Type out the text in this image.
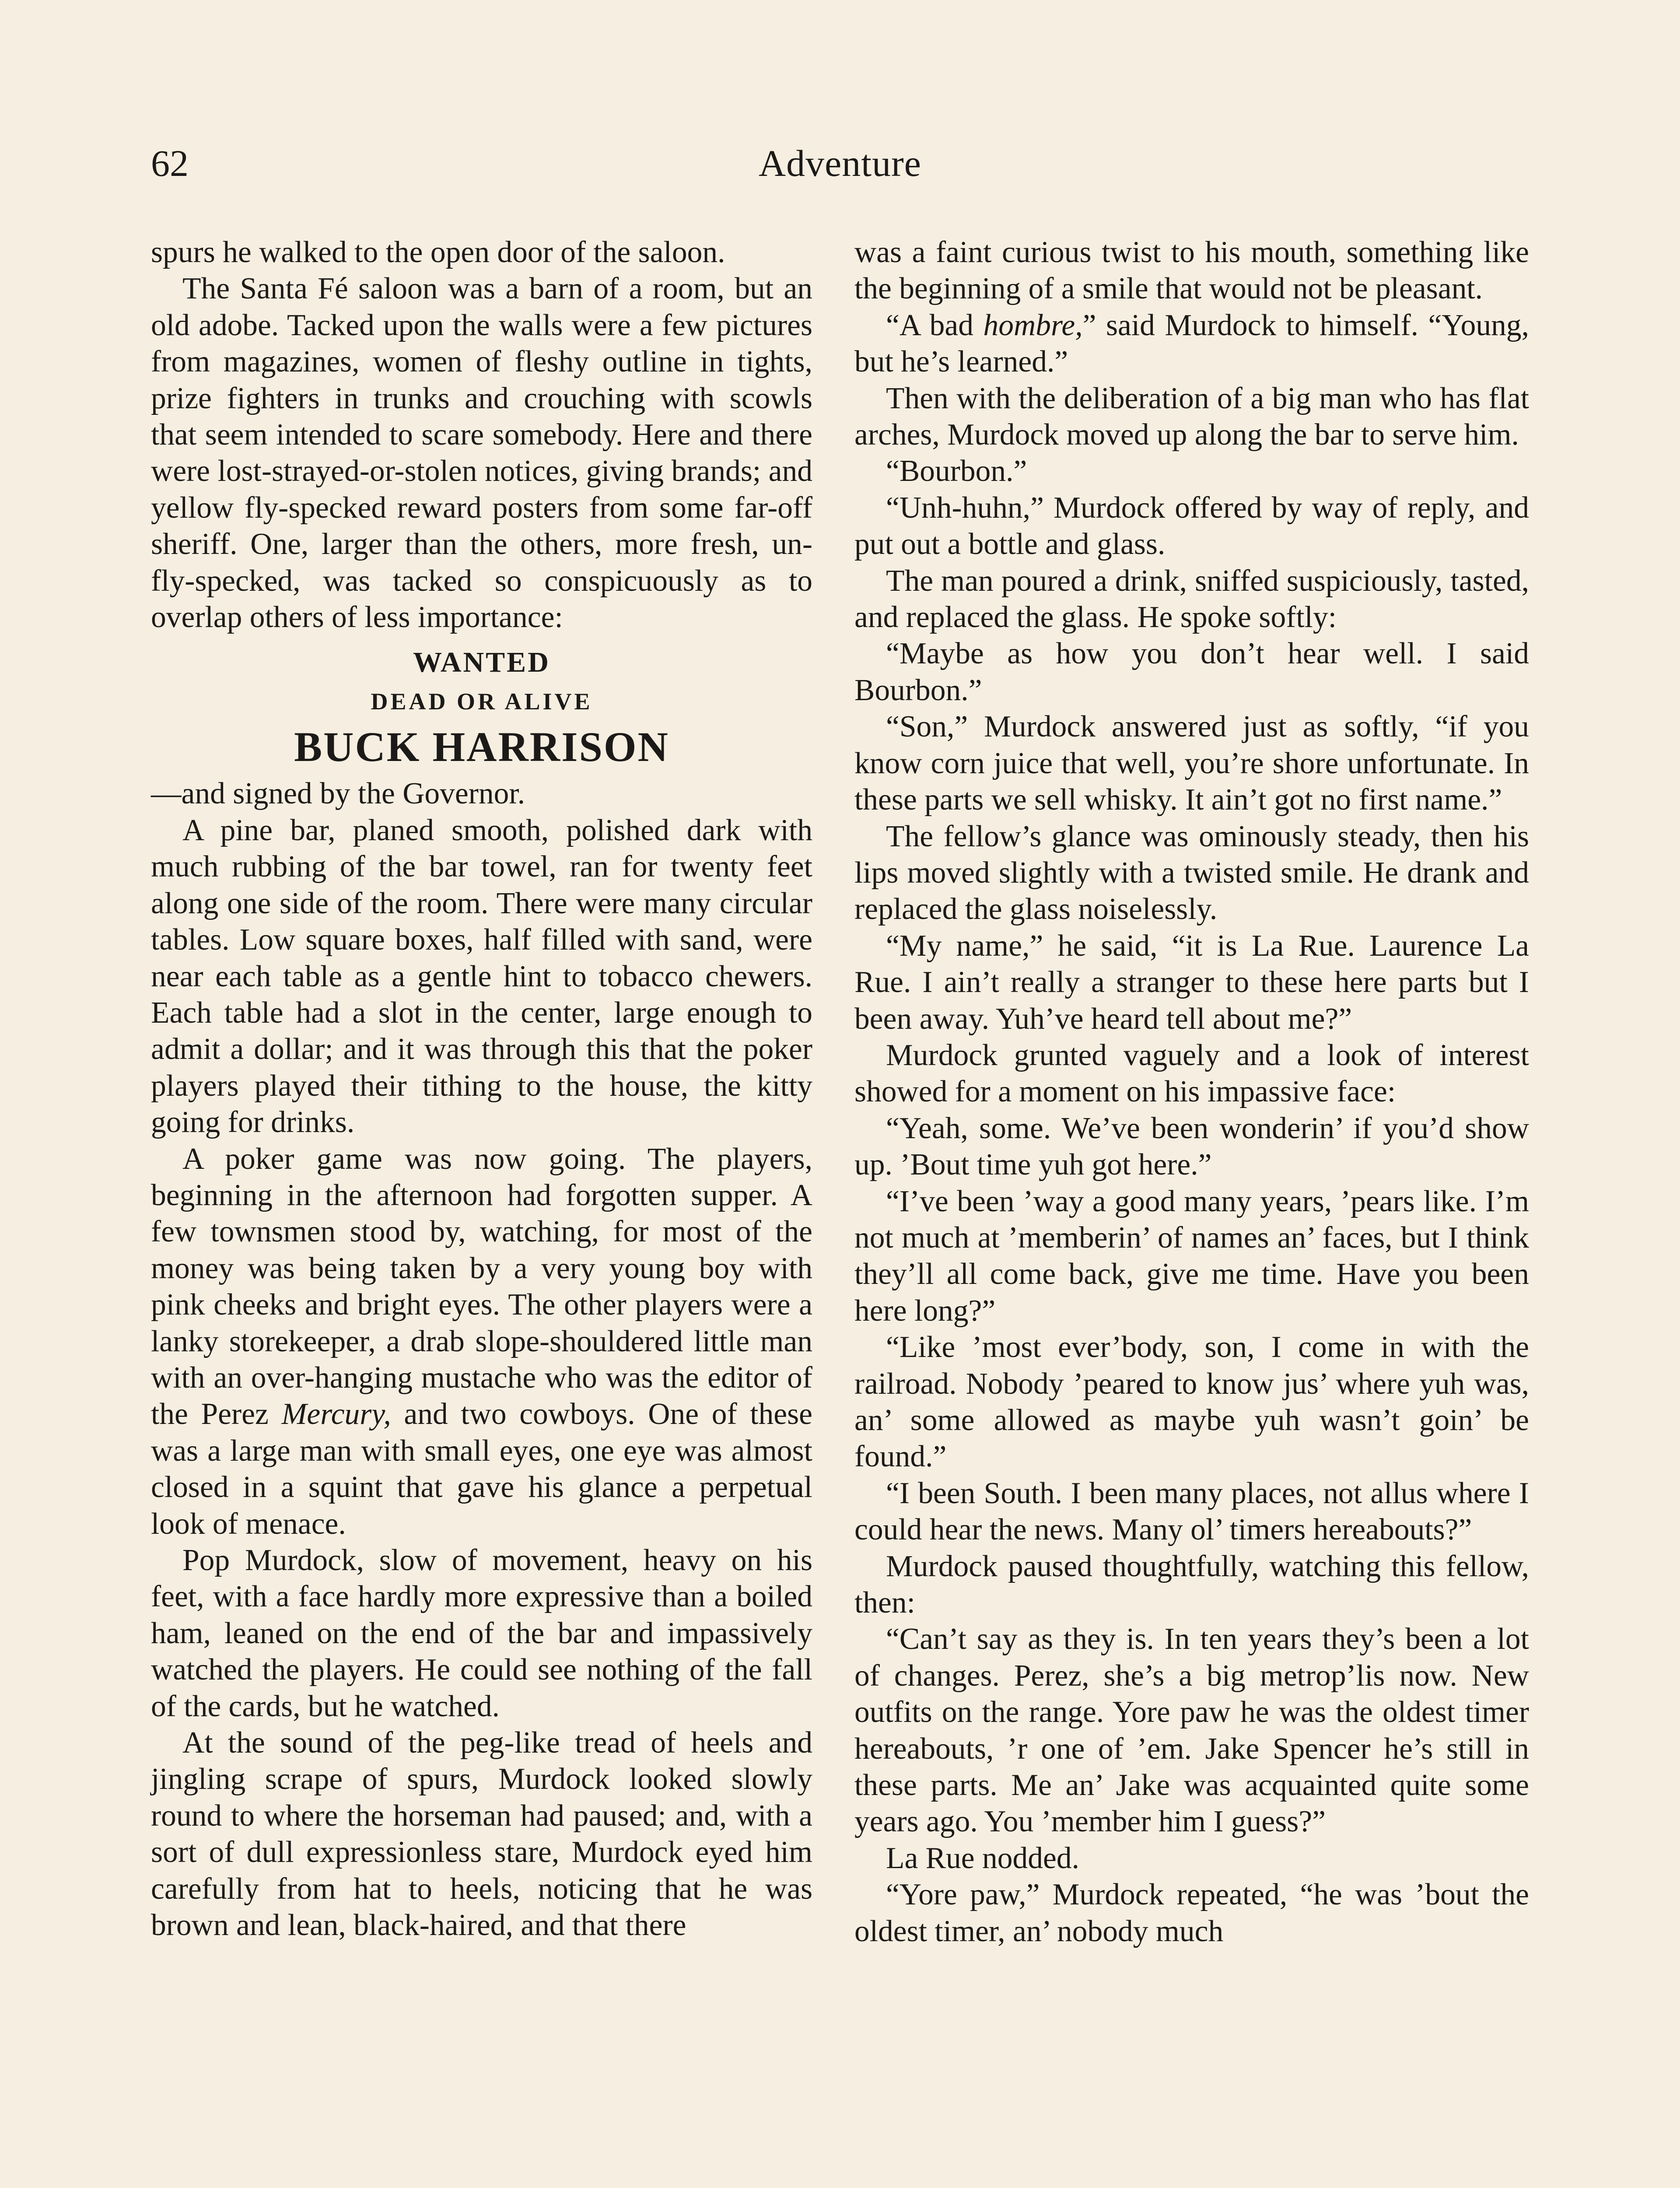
62	Adventure

spurs he walked to the open door of the saloon.

The Santa Fé saloon was a barn of a room, but an old adobe. Tacked upon the walls were a few pictures from magazines, women of fleshy outline in tights, prize fighters in trunks and crouching with scowls that seem intended to scare somebody. Here and there were lost-strayed-or-stolen notices, giving brands; and yellow fly-specked reward posters from some far-off sheriff. One, larger than the others, more fresh, un-fly-specked, was tacked so conspicuously as to overlap others of less importance:

WANTED
DEAD OR ALIVE
BUCK HARRISON

—and signed by the Governor.

A pine bar, planed smooth, polished dark with much rubbing of the bar towel, ran for twenty feet along one side of the room. There were many circular tables. Low square boxes, half filled with sand, were near each table as a gentle hint to tobacco chewers. Each table had a slot in the center, large enough to admit a dollar; and it was through this that the poker players played their tithing to the house, the kitty going for drinks.

A poker game was now going. The players, beginning in the afternoon had forgotten supper. A few townsmen stood by, watching, for most of the money was being taken by a very young boy with pink cheeks and bright eyes. The other players were a lanky storekeeper, a drab slope-shouldered little man with an over-hanging mustache who was the editor of the Perez Mercury, and two cowboys. One of these was a large man with small eyes, one eye was almost closed in a squint that gave his glance a perpetual look of menace.

Pop Murdock, slow of movement, heavy on his feet, with a face hardly more expressive than a boiled ham, leaned on the end of the bar and impassively watched the players. He could see nothing of the fall of the cards, but he watched.

At the sound of the peg-like tread of heels and jingling scrape of spurs, Murdock looked slowly round to where the horseman had paused; and, with a sort of dull expressionless stare, Murdock eyed him carefully from hat to heels, noticing that he was brown and lean, black-haired, and that there

was a faint curious twist to his mouth, something like the beginning of a smile that would not be pleasant.

“A bad hombre,” said Murdock to himself. “Young, but he’s learned.”

Then with the deliberation of a big man who has flat arches, Murdock moved up along the bar to serve him.

“Bourbon.”

“Unh-huhn,” Murdock offered by way of reply, and put out a bottle and glass.

The man poured a drink, sniffed suspiciously, tasted, and replaced the glass. He spoke softly:

“Maybe as how you don’t hear well. I said Bourbon.”

“Son,” Murdock answered just as softly, “if you know corn juice that well, you’re shore unfortunate. In these parts we sell whisky. It ain’t got no first name.”

The fellow’s glance was ominously steady, then his lips moved slightly with a twisted smile. He drank and replaced the glass noiselessly.

“My name,” he said, “it is La Rue. Laurence La Rue. I ain’t really a stranger to these here parts but I been away. Yuh’ve heard tell about me?”

Murdock grunted vaguely and a look of interest showed for a moment on his impassive face:

“Yeah, some. We’ve been wonderin’ if you’d show up. ’Bout time yuh got here.”

“I’ve been ’way a good many years, ’pears like. I’m not much at ’memberin’ of names an’ faces, but I think they’ll all come back, give me time. Have you been here long?”

“Like ’most ever’body, son, I come in with the railroad. Nobody ’peared to know jus’ where yuh was, an’ some allowed as maybe yuh wasn’t goin’ be found.”

“I been South. I been many places, not allus where I could hear the news. Many ol’ timers hereabouts?”

Murdock paused thoughtfully, watching this fellow, then:

“Can’t say as they is. In ten years they’s been a lot of changes. Perez, she’s a big metrop’lis now. New outfits on the range. Yore paw he was the oldest timer hereabouts, ’r one of ’em. Jake Spencer he’s still in these parts. Me an’ Jake was acquainted quite some years ago. You ’member him I guess?”

La Rue nodded.

“Yore paw,” Murdock repeated, “he was ’bout the oldest timer, an’ nobody much
